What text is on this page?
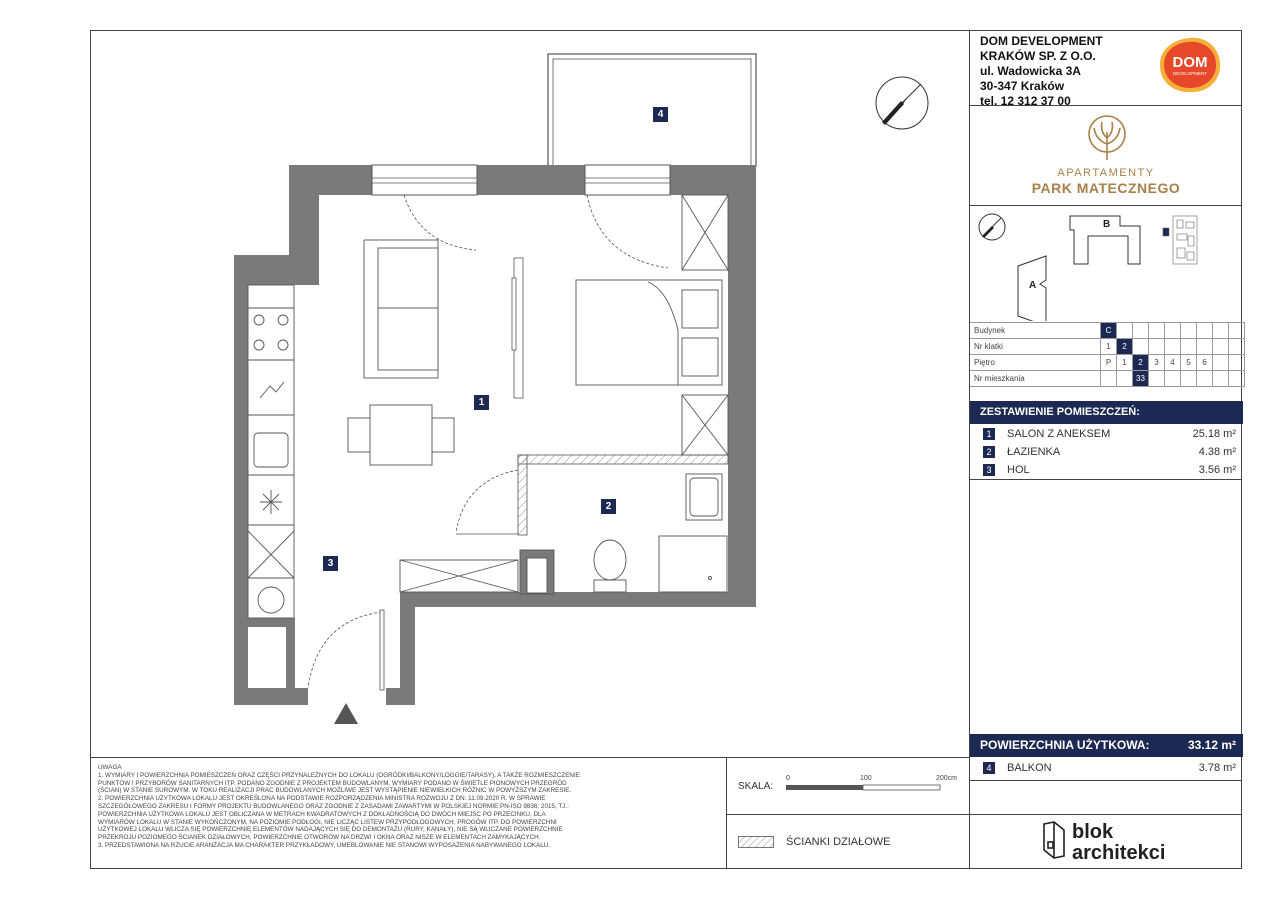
1
2
3
4
DOM DEVELOPMENT
KRAKÓW SP. Z O.O.
ul. Wadowicka 3A
30-347 Kraków
tel. 12 312 37 00
DOM
DEVELOPMENT
APARTAMENTY
PARK MATECZNEGO
A
B
Budynek	C								
Nr klatki	1	2							
Piętro	P	1	2	3	4	5	6		
Nr mieszkania			33						
ZESTAWIENIE POMIESZCZEŃ:
1	SALON Z ANEKSEM	25.18 m²
2	ŁAZIENKA	4.38 m²
3	HOL	3.56 m²
POWIERZCHNIA UŻYTKOWA:	33.12 m²
4	BALKON	3.78 m²
UWAGA
1. WYMIARY I POWIERZCHNIA POMIESZCZEŃ ORAZ CZĘŚCI PRZYNALEŻNYCH DO LOKALU (OGRÓDKI/BALKONY/LOGGIE/TARASY), A TAKŻE ROZMIESZCZENIE
PUNKTÓW I PRZYBORÓW SANITARNYCH ITP. PODANO ZGODNIE Z PROJEKTEM BUDOWLANYM. WYMIARY PODANO W ŚWIETLE PIONOWYCH PRZEGRÓD
(ŚCIAN) W STANIE SUROWYM. W TOKU REALIZACJI PRAC BUDOWLANYCH MOŻLIWE JEST WYSTĄPIENIE NIEWIELKICH RÓŻNIC W POWYŻSZYM ZAKRESIE.
2. POWIERZCHNIA UŻYTKOWA LOKALU JEST OKREŚLONA NA PODSTAWIE ROZPORZĄDZENIA MINISTRA ROZWOJU Z DN. 11.09.2020 R. W SPRAWIE
SZCZEGÓŁOWEGO ZAKRESU I FORMY PROJEKTU BUDOWLANEGO ORAZ ZGODNIE Z ZASADAMI ZAWARTYMI W POLSKIEJ NORMIE PN-ISO 9836: 2015, TJ.:
POWIERZCHNIA UŻYTKOWA LOKALU JEST OBLICZANA W METRACH KWADRATOWYCH Z DOKŁADNOŚCIĄ DO DWÓCH MIEJSC PO PRZECINKU, DLA
WYMIARÓW LOKALU W STANIE WYKOŃCZONYM, NA POZIOMIE PODŁOGI, NIE LICZĄC LISTEW PRZYPODŁOGOWYCH, PROGÓW ITP. DO POWIERZCHNI
UŻYTKOWEJ LOKALU WLICZA SIĘ POWIERZCHNIĘ ELEMENTÓW NADAJĄCYCH SIĘ DO DEMONTAŻU (RURY, KANAŁY), NIE SĄ WLICZANE POWIERZCHNIE
PRZEKROJU POZIOMEGO ŚCIANEK DZIAŁOWYCH, POWIERZCHNIE OTWORÓW NA DRZWI I OKNA ORAZ NISZE W ELEMENTACH ZAMYKAJĄCYCH.
3. PRZEDSTAWIONA NA RZUCIE ARANŻACJA MA CHARAKTER PRZYKŁADOWY, UMEBLOWANIE NIE STANOWI WYPOSAŻENIA NABYWANEGO LOKALU.
SKALA:
0	100	200cm
ŚCIANKI DZIAŁOWE	blok
architekci
